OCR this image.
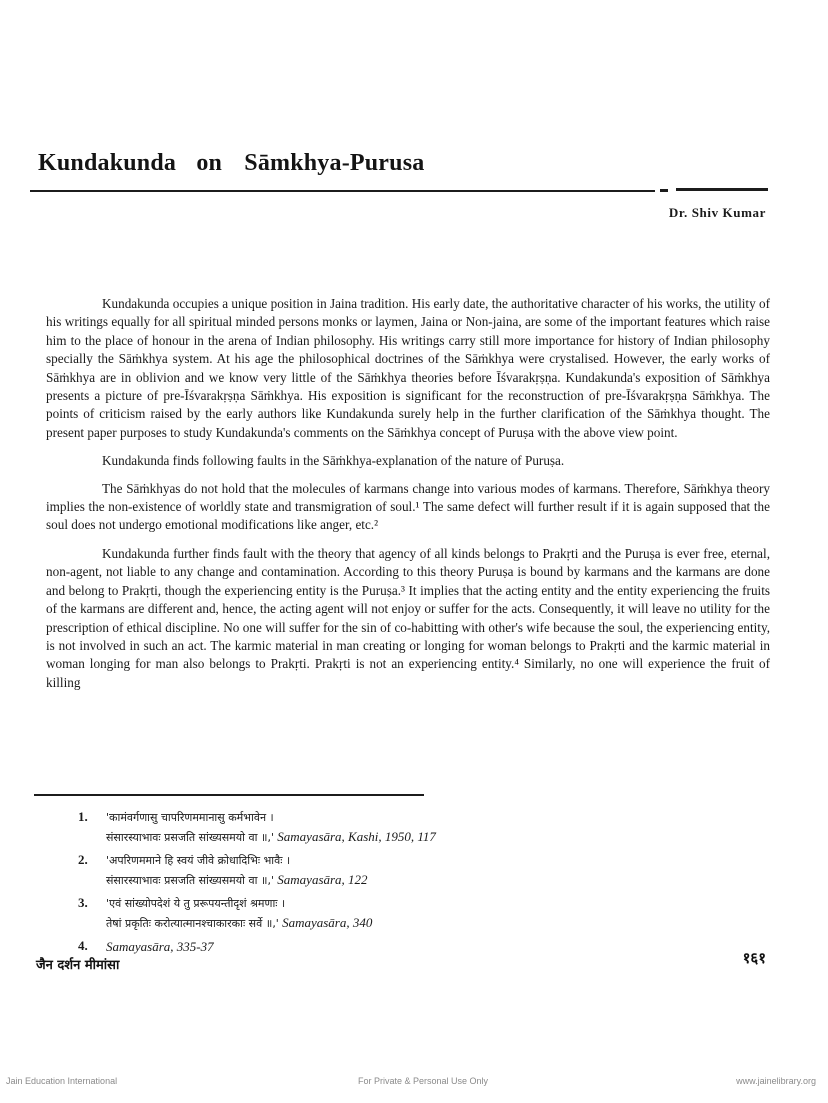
Kundakunda on Sāmkhya-Purusa
Dr. Shiv Kumar

Kundakunda occupies a unique position in Jaina tradition. His early date, the authoritative character of his works, the utility of his writings equally for all spiritual minded persons monks or laymen, Jaina or Non-jaina, are some of the important features which raise him to the place of honour in the arena of Indian philosophy. His writings carry still more importance for history of Indian philosophy specially the Sāṁkhya system. At his age the philosophical doctrines of the Sāṁkhya were crystalised. However, the early works of Sāṁkhya are in oblivion and we know very little of the Sāṁkhya theories before Īśvarakṛṣṇa. Kundakunda's exposition of Sāṁkhya presents a picture of pre-Īśvarakṛṣṇa Sāṁkhya. His exposition is significant for the reconstruction of pre-Īśvarakṛṣṇa Sāṁkhya. The points of criticism raised by the early authors like Kundakunda surely help in the further clarification of the Sāṁkhya thought. The present paper purposes to study Kundakunda's comments on the Sāṁkhya concept of Puruṣa with the above view point.

Kundakunda finds following faults in the Sāṁkhya-explanation of the nature of Puruṣa.

The Sāṁkhyas do not hold that the molecules of karmans change into various modes of karmans. Therefore, Sāṁkhya theory implies the non-existence of worldly state and transmigration of soul.¹ The same defect will further result if it is again supposed that the soul does not undergo emotional modifications like anger, etc.²

Kundakunda further finds fault with the theory that agency of all kinds belongs to Prakṛti and the Puruṣa is ever free, eternal, non-agent, not liable to any change and contamination. According to this theory Puruṣa is bound by karmans and the karmans are done and belong to Prakṛti, though the experiencing entity is the Puruṣa.³ It implies that the acting entity and the entity experiencing the fruits of the karmans are different and, hence, the acting agent will not enjoy or suffer for the acts. Consequently, it will leave no utility for the prescription of ethical discipline. No one will suffer for the sin of co-habitting with other's wife because the soul, the experiencing entity, is not involved in such an act. The karmic material in man creating or longing for woman belongs to Prakṛti and the karmic material in woman longing for man also belongs to Prakṛti. Prakṛti is not an experiencing entity.⁴ Similarly, no one will experience the fruit of killing

1. 'कामंवर्गणासु चापरिणममानासु कर्मभावेन ।
संसारस्याभावः प्रसजति सांख्यसमयो वा ॥,' Samayasāra, Kashi, 1950, 117
2. 'अपरिणममाने हि स्वयं जीवे क्रोधादिभिः भावैः ।
संसारस्याभावः प्रसजति सांख्यसमयो वा ॥,' Samayasāra, 122
3. 'एवं सांख्योपदेशं ये तु प्ररूपयन्तीदृशं श्रमणाः ।
तेषां प्रकृतिः करोत्यात्मानश्चाकारकाः सर्वे ॥,' Samayasāra, 340
4. Samayasāra, 335-37
जैन दर्शन मीमांसा	१६१
Jain Education International	For Private & Personal Use Only	www.jainelibrary.org
